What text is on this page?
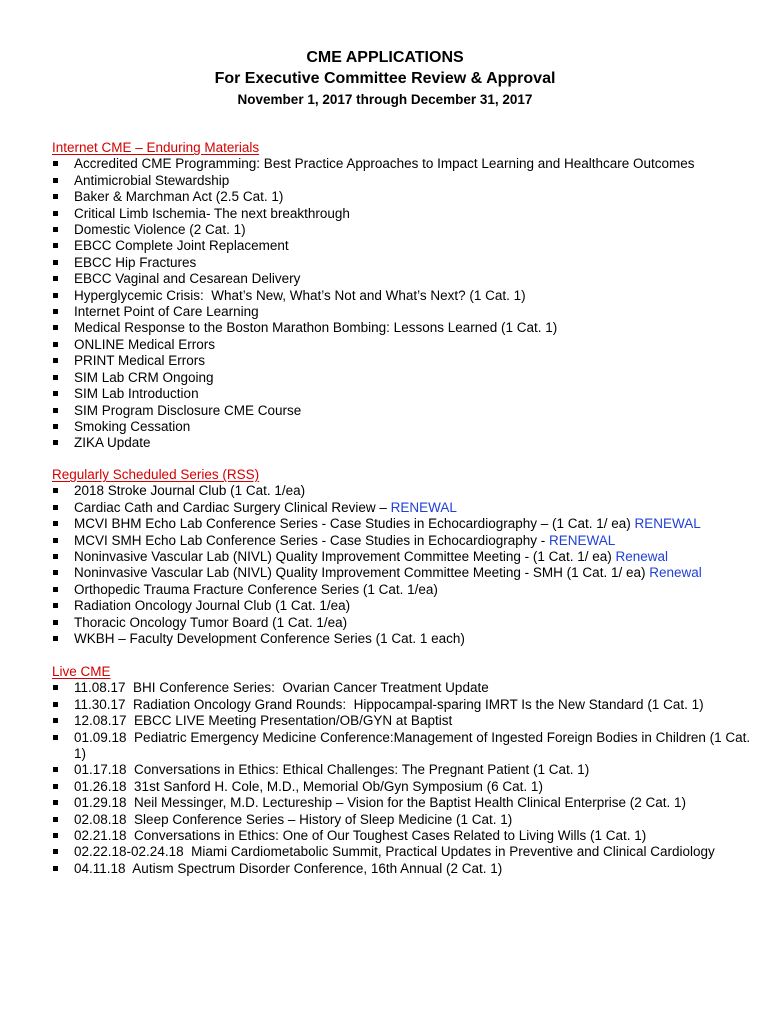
CME APPLICATIONS
For Executive Committee Review & Approval
November 1, 2017 through December 31, 2017
Internet CME – Enduring Materials
Accredited CME Programming: Best Practice Approaches to Impact Learning and Healthcare Outcomes
Antimicrobial Stewardship
Baker & Marchman Act (2.5 Cat. 1)
Critical Limb Ischemia- The next breakthrough
Domestic Violence (2 Cat. 1)
EBCC Complete Joint Replacement
EBCC Hip Fractures
EBCC Vaginal and Cesarean Delivery
Hyperglycemic Crisis:  What’s New, What’s Not and What’s Next? (1 Cat. 1)
Internet Point of Care Learning
Medical Response to the Boston Marathon Bombing: Lessons Learned (1 Cat. 1)
ONLINE Medical Errors
PRINT Medical Errors
SIM Lab CRM Ongoing
SIM Lab Introduction
SIM Program Disclosure CME Course
Smoking Cessation
ZIKA Update
Regularly Scheduled Series (RSS)
2018 Stroke Journal Club (1 Cat. 1/ea)
Cardiac Cath and Cardiac Surgery Clinical Review – RENEWAL
MCVI BHM Echo Lab Conference Series - Case Studies in Echocardiography – (1 Cat. 1/ ea) RENEWAL
MCVI SMH Echo Lab Conference Series - Case Studies in Echocardiography - RENEWAL
Noninvasive Vascular Lab (NIVL) Quality Improvement Committee Meeting - (1 Cat. 1/ ea) Renewal
Noninvasive Vascular Lab (NIVL) Quality Improvement Committee Meeting - SMH (1 Cat. 1/ ea) Renewal
Orthopedic Trauma Fracture Conference Series (1 Cat. 1/ea)
Radiation Oncology Journal Club (1 Cat. 1/ea)
Thoracic Oncology Tumor Board (1 Cat. 1/ea)
WKBH – Faculty Development Conference Series (1 Cat. 1 each)
Live CME
11.08.17  BHI Conference Series:  Ovarian Cancer Treatment Update
11.30.17  Radiation Oncology Grand Rounds:  Hippocampal-sparing IMRT Is the New Standard (1 Cat. 1)
12.08.17  EBCC LIVE Meeting Presentation/OB/GYN at Baptist
01.09.18  Pediatric Emergency Medicine Conference:Management of Ingested Foreign Bodies in Children (1 Cat. 1)
01.17.18  Conversations in Ethics: Ethical Challenges: The Pregnant Patient (1 Cat. 1)
01.26.18  31st Sanford H. Cole, M.D., Memorial Ob/Gyn Symposium (6 Cat. 1)
01.29.18  Neil Messinger, M.D. Lectureship – Vision for the Baptist Health Clinical Enterprise (2 Cat. 1)
02.08.18  Sleep Conference Series – History of Sleep Medicine (1 Cat. 1)
02.21.18  Conversations in Ethics: One of Our Toughest Cases Related to Living Wills (1 Cat. 1)
02.22.18-02.24.18  Miami Cardiometabolic Summit, Practical Updates in Preventive and Clinical Cardiology
04.11.18  Autism Spectrum Disorder Conference, 16th Annual (2 Cat. 1)
